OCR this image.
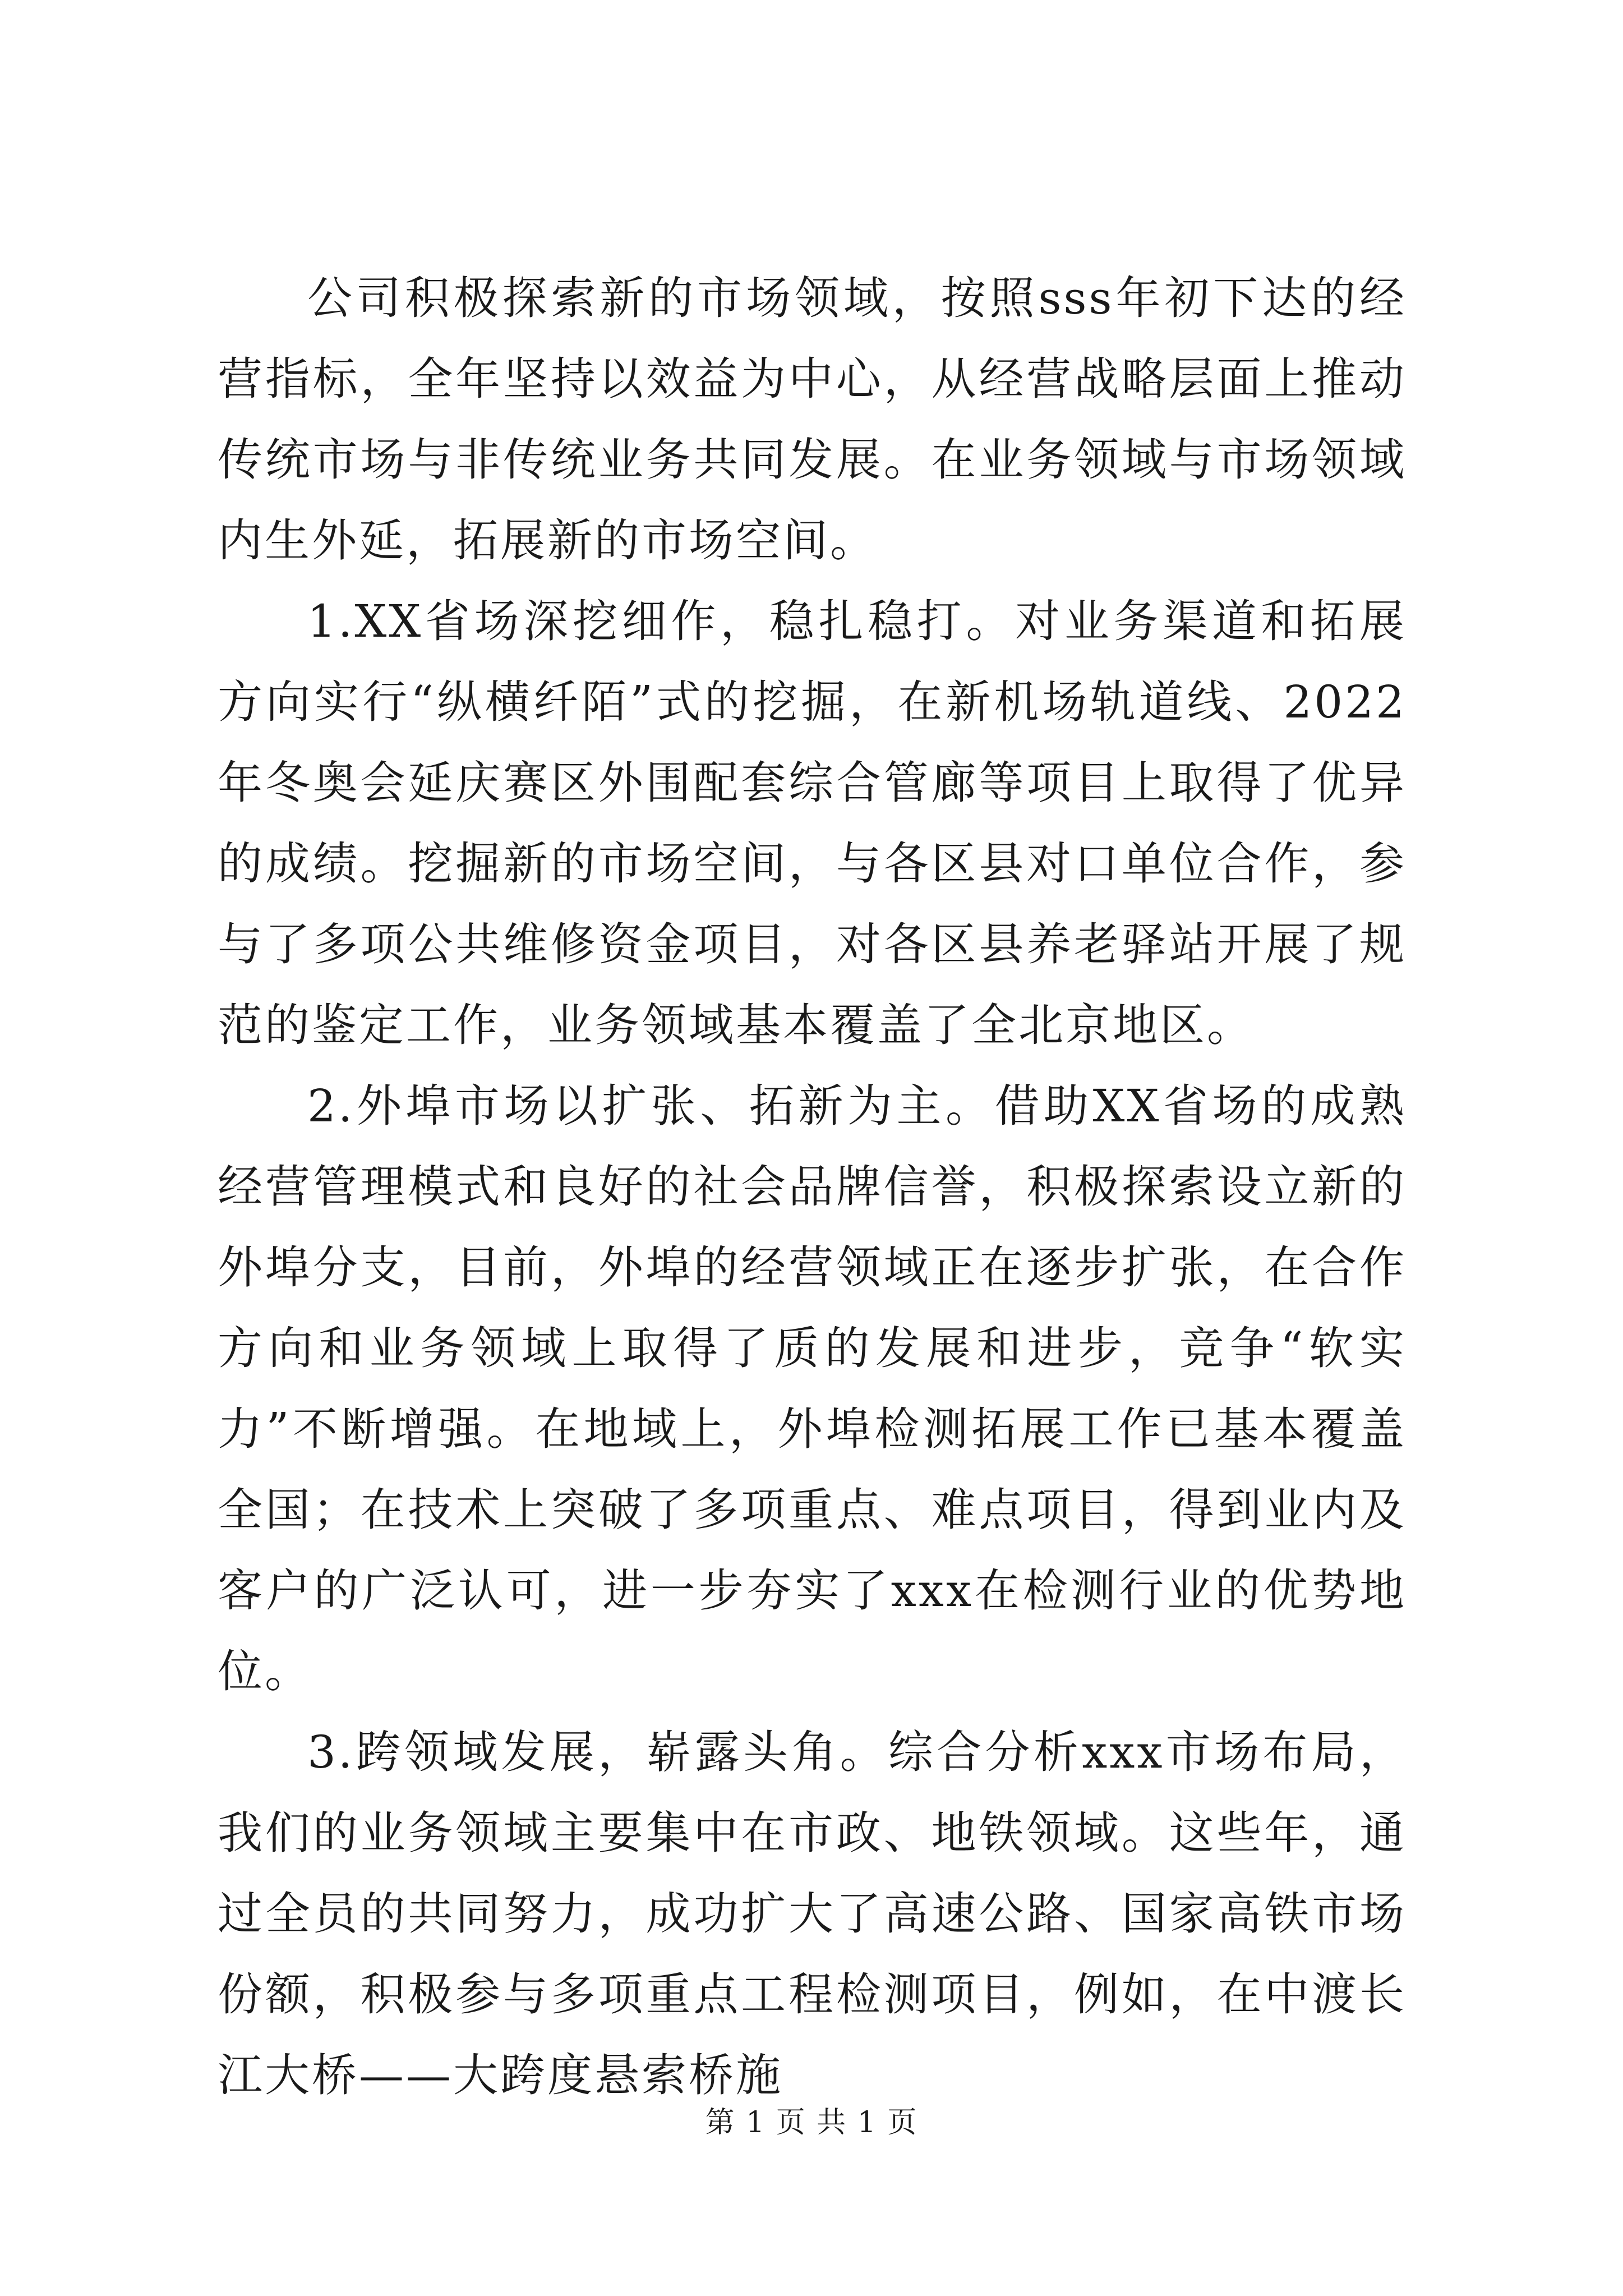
公司积极探索新的市场领域，按照sss年初下达的经营指标，全年坚持以效益为中心，从经营战略层面上推动传统市场与非传统业务共同发展。在业务领域与市场领域内生外延，拓展新的市场空间。

1.XX省场深挖细作，稳扎稳打。对业务渠道和拓展方向实行“纵横纤陌”式的挖掘，在新机场轨道线、2022年冬奥会延庆赛区外围配套综合管廊等项目上取得了优异的成绩。挖掘新的市场空间，与各区县对口单位合作，参与了多项公共维修资金项目，对各区县养老驿站开展了规范的鉴定工作，业务领域基本覆盖了全北京地区。

2.外埠市场以扩张、拓新为主。借助XX省场的成熟经营管理模式和良好的社会品牌信誉，积极探索设立新的外埠分支，目前，外埠的经营领域正在逐步扩张，在合作方向和业务领域上取得了质的发展和进步，竞争“软实力”不断增强。在地域上，外埠检测拓展工作已基本覆盖全国；在技术上突破了多项重点、难点项目，得到业内及客户的广泛认可，进一步夯实了xxx在检测行业的优势地位。

3.跨领域发展，崭露头角。综合分析xxx市场布局，我们的业务领域主要集中在市政、地铁领域。这些年，通过全员的共同努力，成功扩大了高速公路、国家高铁市场份额，积极参与多项重点工程检测项目，例如，在中渡长江大桥——大跨度悬索桥施

第 1 页 共 1 页
